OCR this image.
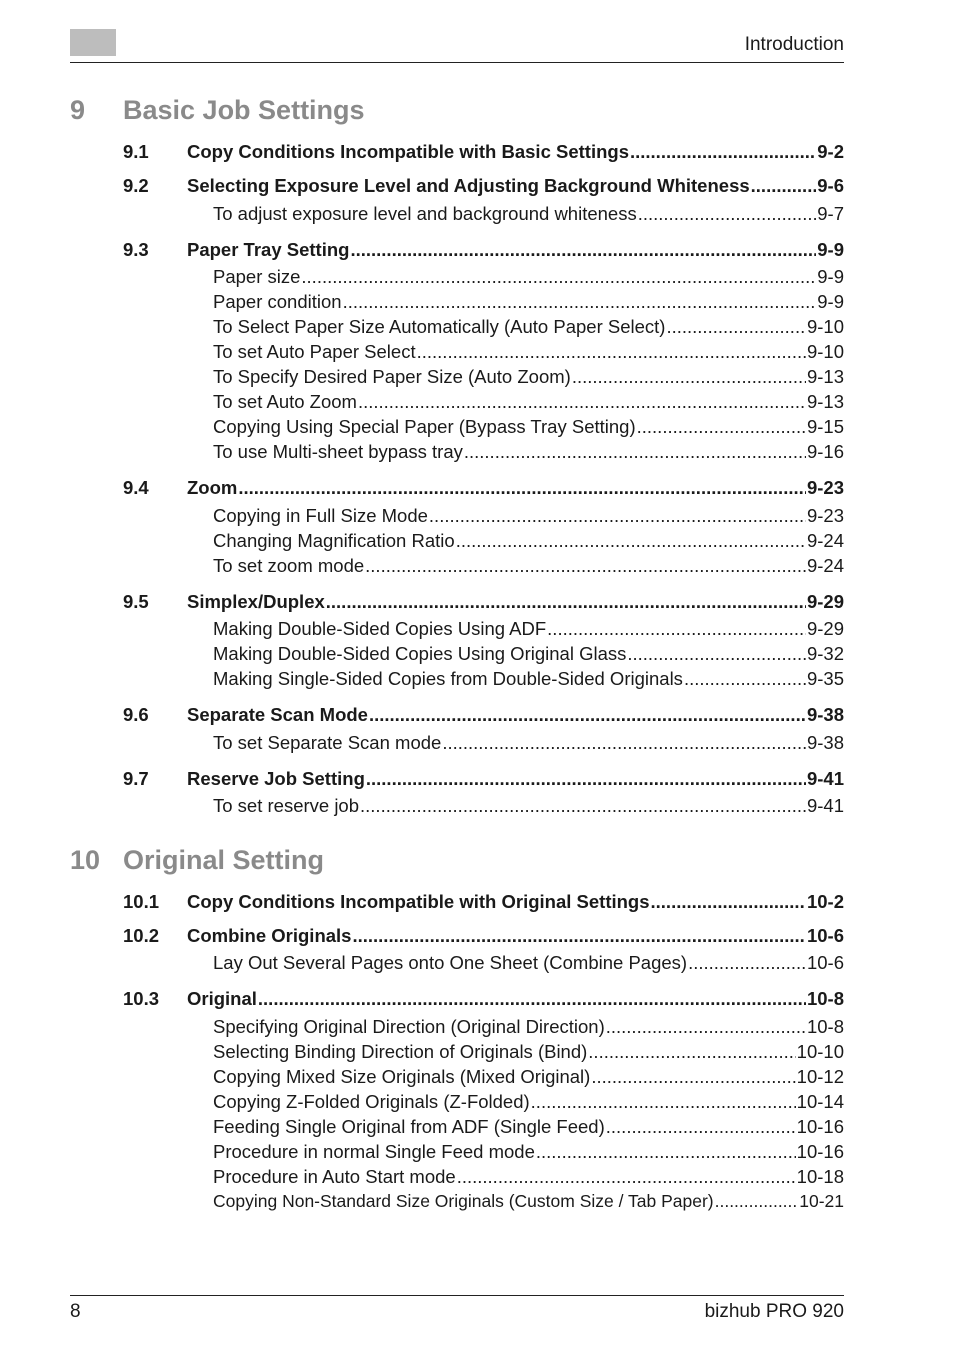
Introduction
9 Basic Job Settings
9.1 Copy Conditions Incompatible with Basic Settings .....	9-2
9.2 Selecting Exposure Level and Adjusting Background Whiteness .....	9-6
To adjust exposure level and background whiteness .....	9-7
9.3 Paper Tray Setting .....	9-9
Paper size .....	9-9
Paper condition .....	9-9
To Select Paper Size Automatically (Auto Paper Select) .....	9-10
To set Auto Paper Select .....	9-10
To Specify Desired Paper Size (Auto Zoom) .....	9-13
To set Auto Zoom .....	9-13
Copying Using Special Paper (Bypass Tray Setting) .....	9-15
To use Multi-sheet bypass tray .....	9-16
9.4 Zoom .....	9-23
Copying in Full Size Mode .....	9-23
Changing Magnification Ratio .....	9-24
To set zoom mode .....	9-24
9.5 Simplex/Duplex .....	9-29
Making Double-Sided Copies Using ADF .....	9-29
Making Double-Sided Copies Using Original Glass .....	9-32
Making Single-Sided Copies from Double-Sided Originals .....	9-35
9.6 Separate Scan Mode .....	9-38
To set Separate Scan mode .....	9-38
9.7 Reserve Job Setting .....	9-41
To set reserve job .....	9-41
10 Original Setting
10.1 Copy Conditions Incompatible with Original Settings .....	10-2
10.2 Combine Originals .....	10-6
Lay Out Several Pages onto One Sheet (Combine Pages) .....	10-6
10.3 Original .....	10-8
Specifying Original Direction (Original Direction) .....	10-8
Selecting Binding Direction of Originals (Bind) .....	10-10
Copying Mixed Size Originals (Mixed Original) .....	10-12
Copying Z-Folded Originals (Z-Folded) .....	10-14
Feeding Single Original from ADF (Single Feed) .....	10-16
Procedure in normal Single Feed mode .....	10-16
Procedure in Auto Start mode .....	10-18
Copying Non-Standard Size Originals (Custom Size / Tab Paper) .....	10-21
8	bizhub PRO 920
